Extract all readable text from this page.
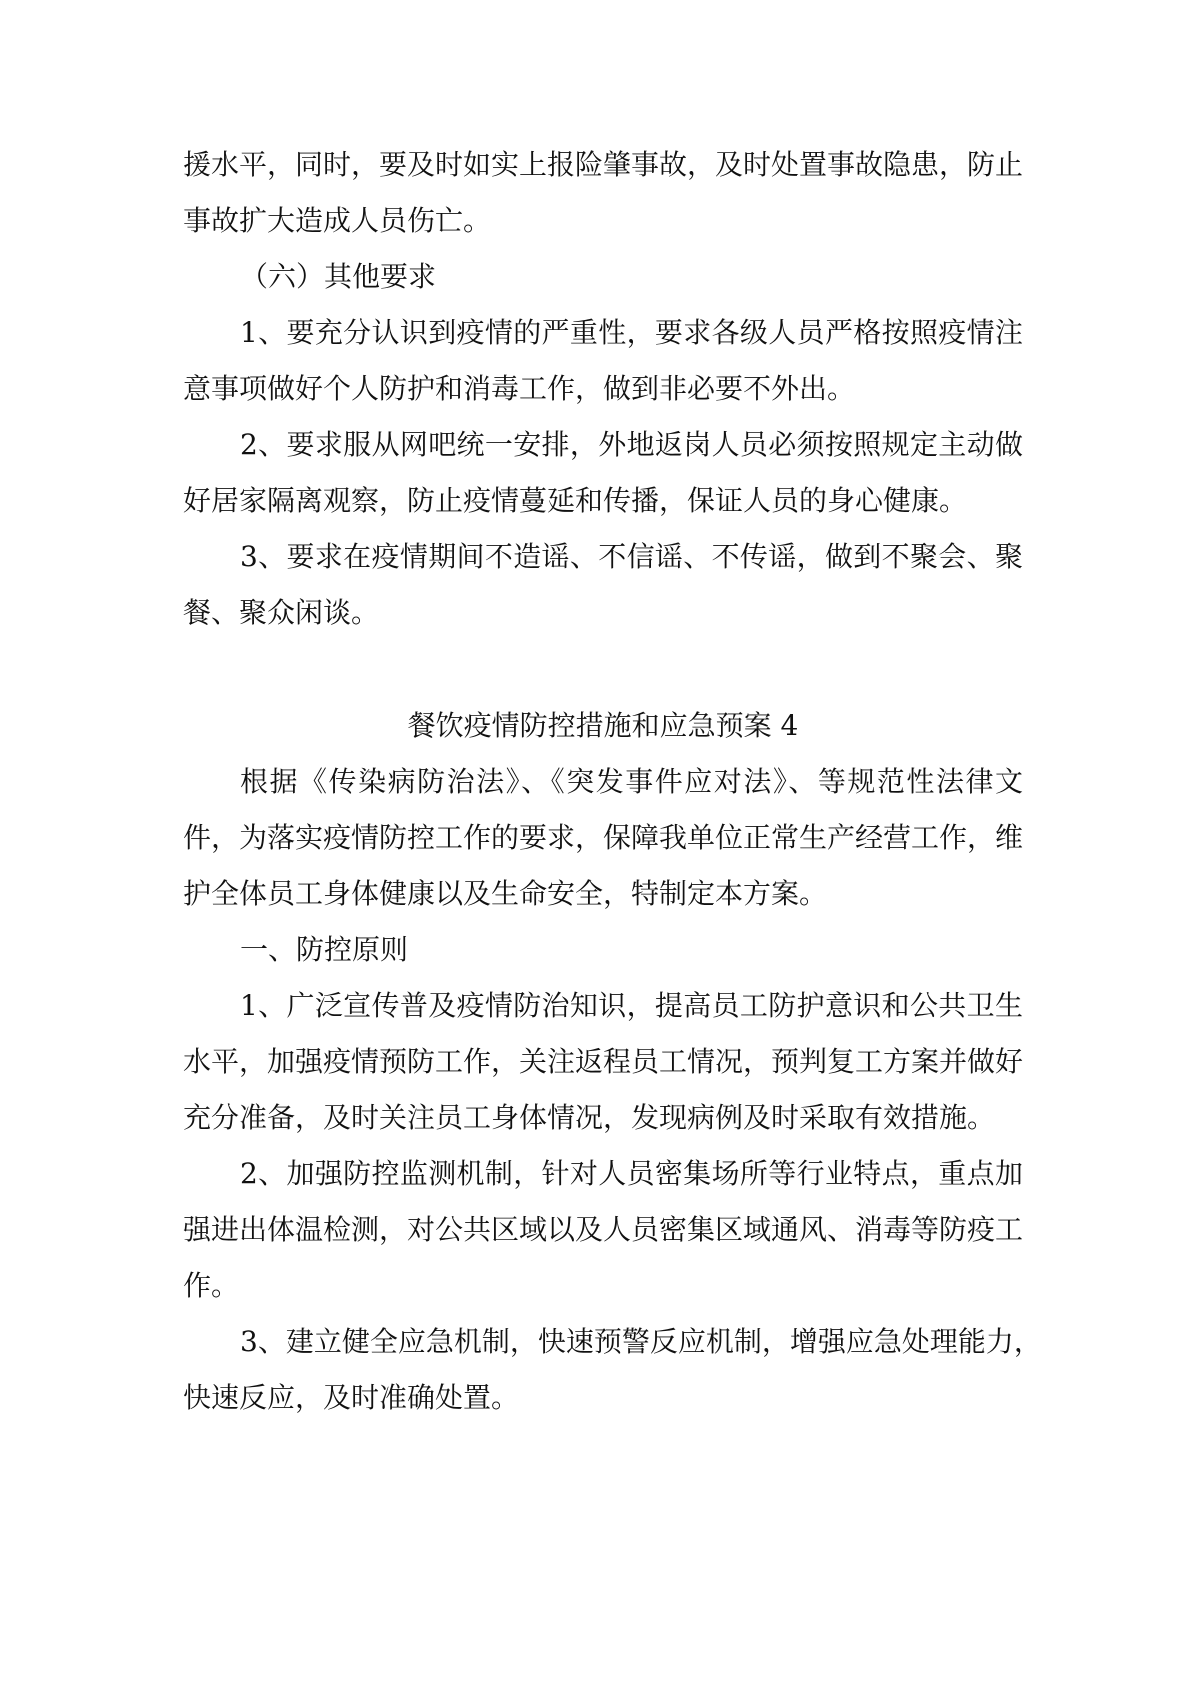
援水平，同时，要及时如实上报险肇事故，及时处置事故隐患，防止
事故扩大造成人员伤亡。
（六）其他要求
1、要充分认识到疫情的严重性，要求各级人员严格按照疫情注
意事项做好个人防护和消毒工作，做到非必要不外出。
2、要求服从网吧统一安排，外地返岗人员必须按照规定主动做
好居家隔离观察，防止疫情蔓延和传播，保证人员的身心健康。
3、要求在疫情期间不造谣、不信谣、不传谣，做到不聚会、聚
餐、聚众闲谈。
餐饮疫情防控措施和应急预案 4
根据《传染病防治法》、《突发事件应对法》、等规范性法律文
件，为落实疫情防控工作的要求，保障我单位正常生产经营工作，维
护全体员工身体健康以及生命安全，特制定本方案。
一、防控原则
1、广泛宣传普及疫情防治知识，提高员工防护意识和公共卫生
水平，加强疫情预防工作，关注返程员工情况，预判复工方案并做好
充分准备，及时关注员工身体情况，发现病例及时采取有效措施。
2、加强防控监测机制，针对人员密集场所等行业特点，重点加
强进出体温检测，对公共区域以及人员密集区域通风、消毒等防疫工
作。
3、建立健全应急机制，快速预警反应机制，增强应急处理能力，
快速反应，及时准确处置。
